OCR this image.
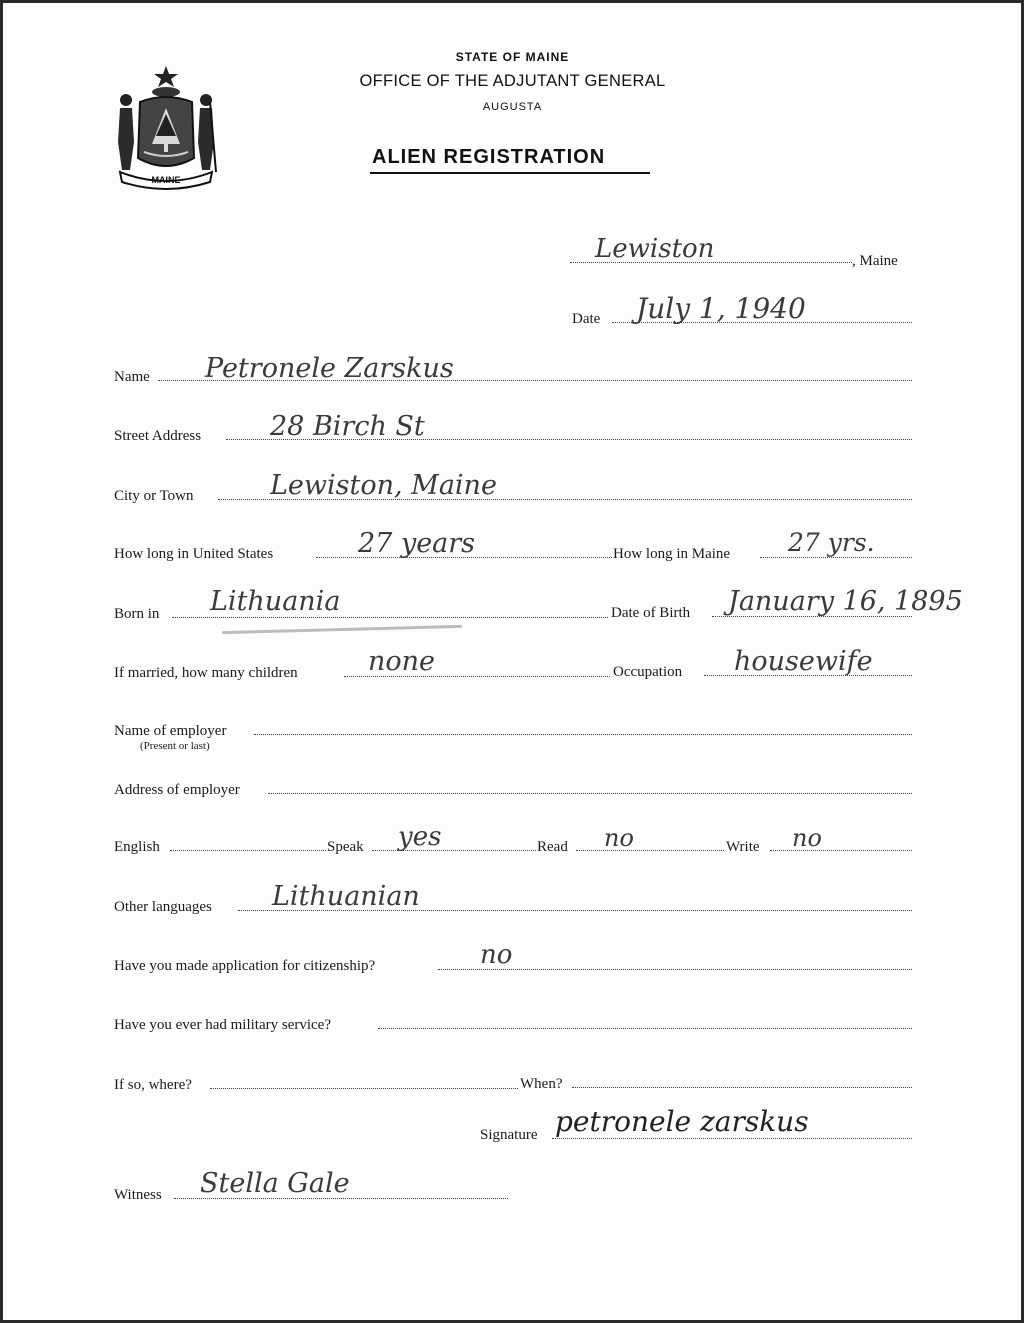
MAINE
STATE OF MAINE
OFFICE OF THE ADJUTANT GENERAL
AUGUSTA
ALIEN REGISTRATION
Lewiston	, Maine
Date July 1, 1940
Name Petronele Zarskus
Street Address	28 Birch St
City or Town	Lewiston, Maine
How long in United States	27 years	How long in Maine 27 yrs.
Born in Lithuania	Date of Birth January 16, 1895
If married, how many children	none	Occupation housewife
Name of employer
(Present or last)
Address of employer
English	Speak yes	Read no	Write no
Other languages Lithuanian
Have you made application for citizenship?	no
Have you ever had military service?
If so, where?	When?
Signature petronele zarskus
Witness Stella Gale
